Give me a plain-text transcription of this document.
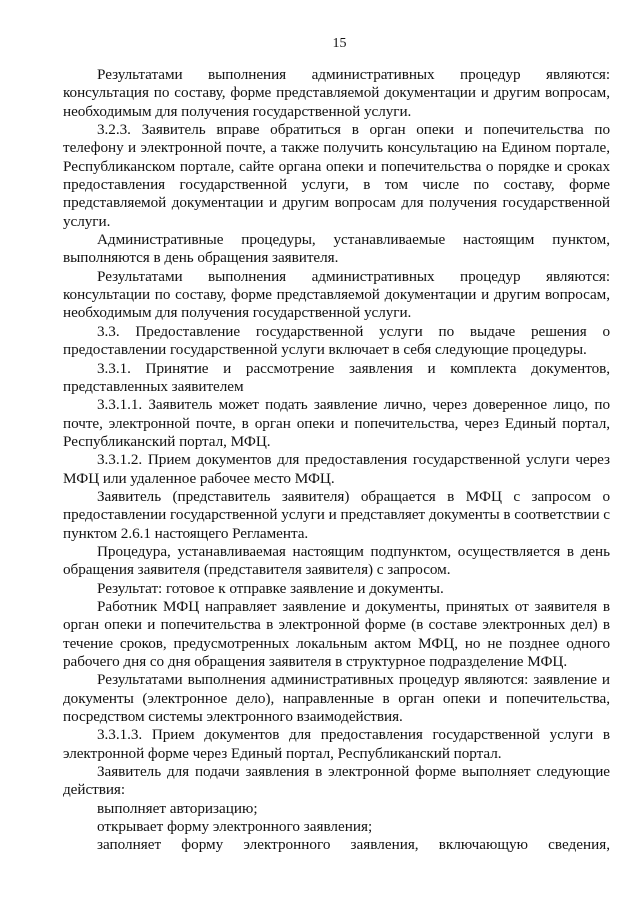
15

Результатами выполнения административных процедур являются: консультация по составу, форме представляемой документации и другим вопросам, необходимым для получения государственной услуги.

3.2.3. Заявитель вправе обратиться в орган опеки и попечительства по телефону и электронной почте, а также получить консультацию на Едином портале, Республиканском портале, сайте органа опеки и попечительства о порядке и сроках предоставления государственной услуги, в том числе по составу, форме представляемой документации и другим вопросам для получения государственной услуги.

Административные процедуры, устанавливаемые настоящим пунктом, выполняются в день обращения заявителя.

Результатами выполнения административных процедур являются: консультации по составу, форме представляемой документации и другим вопросам, необходимым для получения государственной услуги.

3.3. Предоставление государственной услуги по выдаче решения о предоставлении государственной услуги включает в себя следующие процедуры.

3.3.1. Принятие и рассмотрение заявления и комплекта документов, представленных заявителем

3.3.1.1. Заявитель может подать заявление лично, через доверенное лицо, по почте, электронной почте, в орган опеки и попечительства, через Единый портал, Республиканский портал, МФЦ.

3.3.1.2. Прием документов для предоставления государственной услуги через МФЦ или удаленное рабочее место МФЦ.

Заявитель (представитель заявителя) обращается в МФЦ с запросом о предоставлении государственной услуги и представляет документы в соответствии с пунктом 2.6.1 настоящего Регламента.

Процедура, устанавливаемая настоящим подпунктом, осуществляется в день обращения заявителя (представителя заявителя) с запросом.

Результат: готовое к отправке заявление и документы.

Работник МФЦ направляет заявление и документы, принятых от заявителя в орган опеки и попечительства в электронной форме (в составе электронных дел) в течение сроков, предусмотренных локальным актом МФЦ, но не позднее одного рабочего дня со дня обращения заявителя в структурное подразделение МФЦ.

Результатами выполнения административных процедур являются: заявление и документы (электронное дело), направленные в орган опеки и попечительства, посредством системы электронного взаимодействия.

3.3.1.3. Прием документов для предоставления государственной услуги в электронной форме через Единый портал, Республиканский портал.

Заявитель для подачи заявления в электронной форме выполняет следующие действия:

выполняет авторизацию;

открывает форму электронного заявления;

заполняет форму электронного заявления, включающую сведения,
